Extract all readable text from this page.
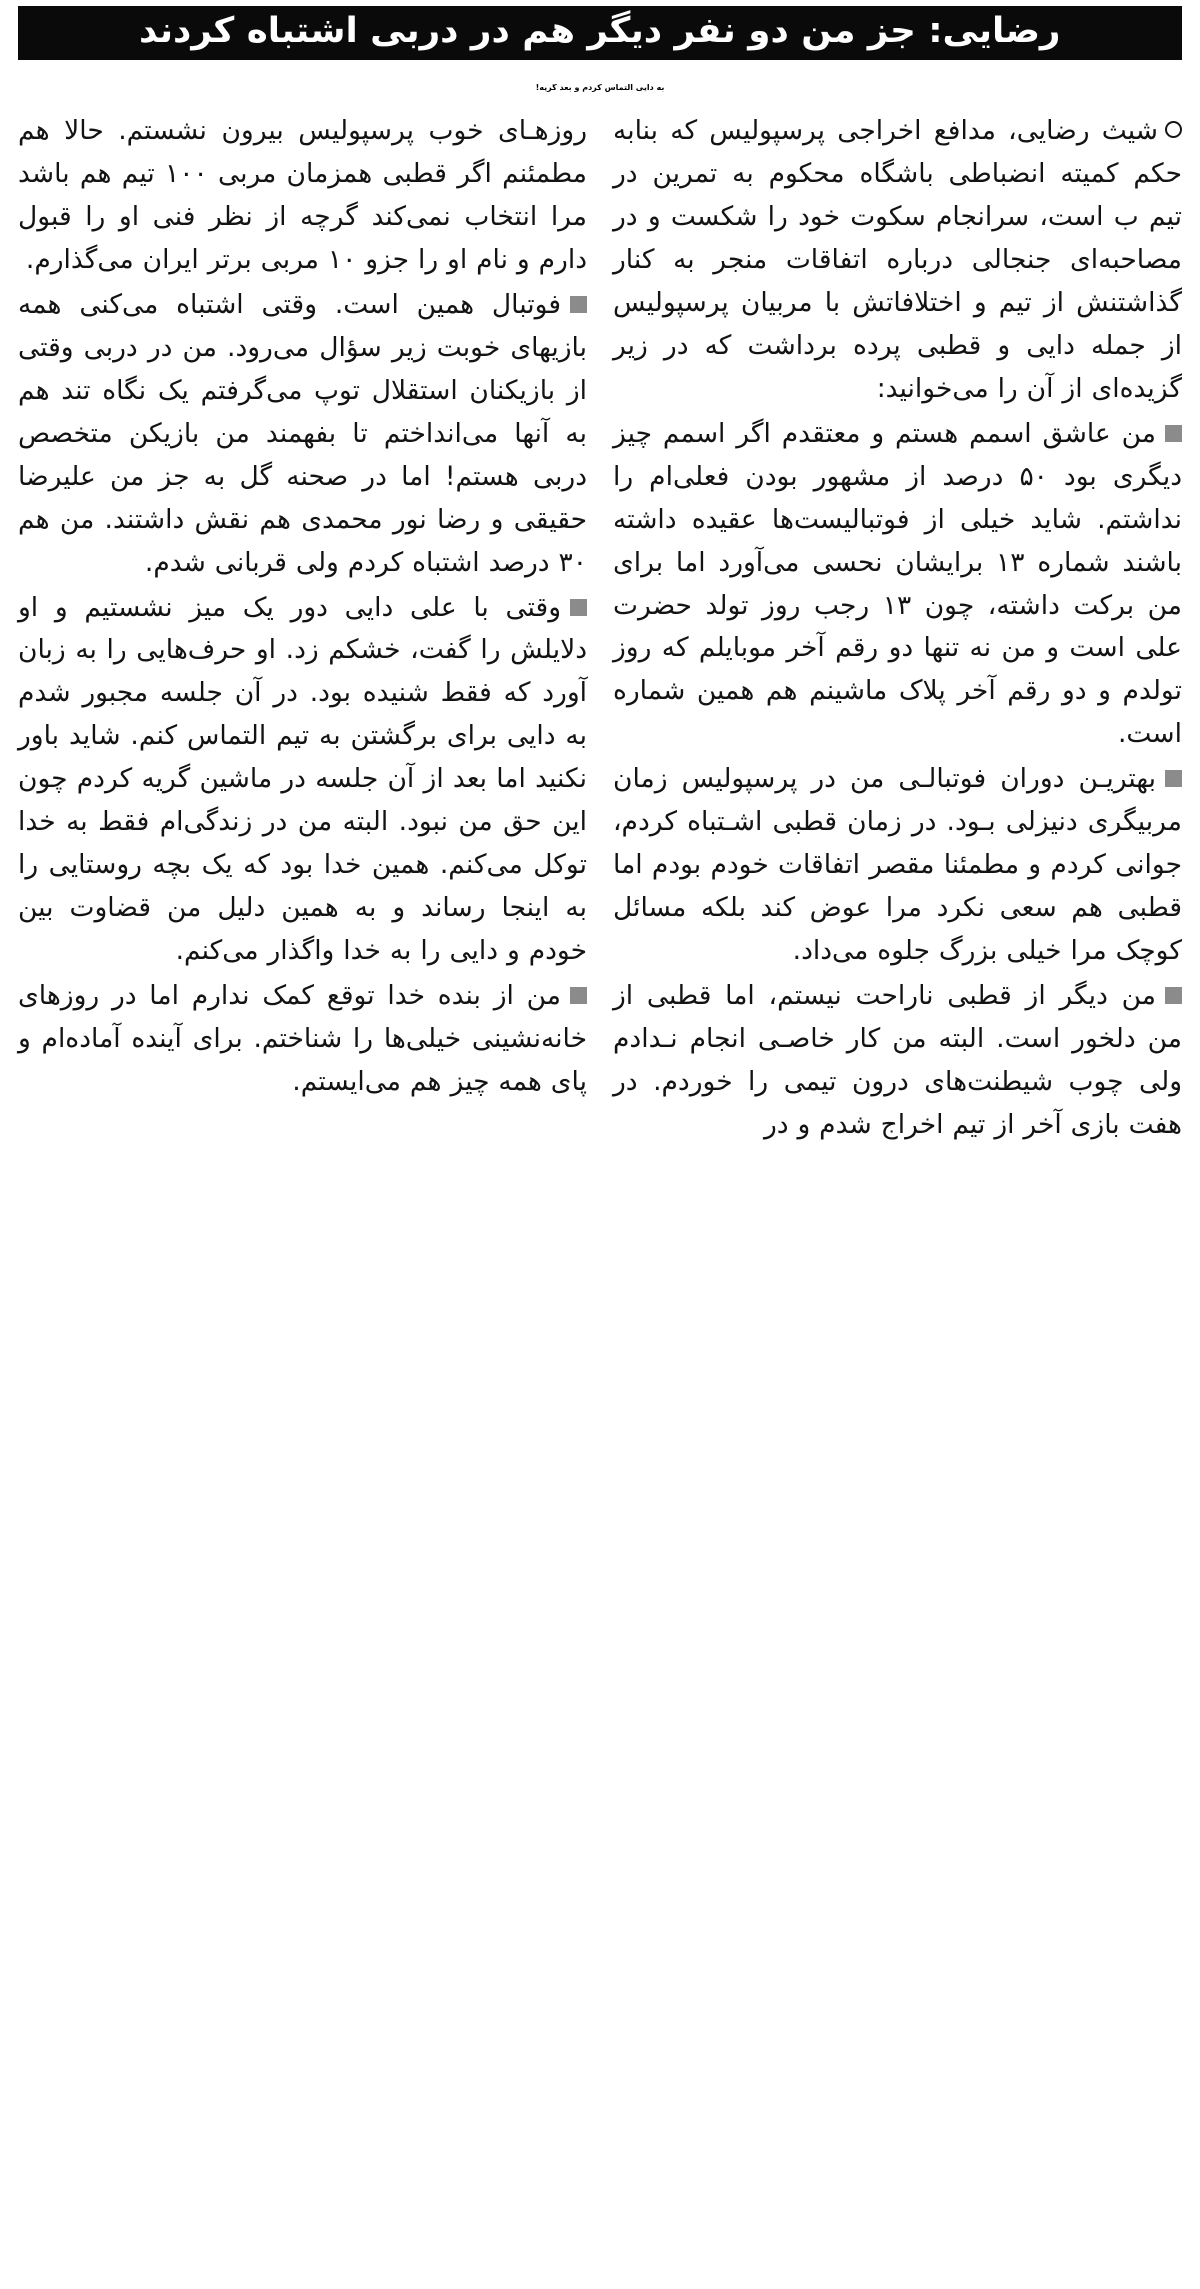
رضایی: جز من دو نفر دیگر هم در دربی اشتباه کردند
به دایی التماس کردم و بعد گریه!

شیث رضایی، مدافع اخراجی پرسپولیس که بنابه حکم کمیته انضباطی باشگاه محکوم به تمرین در تیم ب است، سرانجام سکوت خود را شکست و در مصاحبه‌ای جنجالی درباره اتفاقات منجر به کنار گذاشتنش از تیم و اختلافاتش با مربیان پرسپولیس از جمله دایی و قطبی پرده برداشت که در زیر گزیده‌ای از آن را می‌خوانید:

من عاشق اسمم هستم و معتقدم اگر اسمم چیز دیگری بود ۵۰ درصد از مشهور بودن فعلی‌ام را نداشتم. شاید خیلی از فوتبالیست‌ها عقیده داشته باشند شماره ۱۳ برایشان نحسی می‌آورد اما برای من برکت داشته، چون ۱۳ رجب روز تولد حضرت علی است و من نه تنها دو رقم آخر موبایلم که روز تولدم و دو رقم آخر پلاک ماشینم هم همین شماره است.

بهتریـن دوران فوتبالـی من در پرسپولیس زمان مربیگری دنیزلی بـود. در زمان قطبی اشـتباه کردم، جوانی کردم و مطمئنا مقصر اتفاقات خودم بودم اما قطبی هم سعی نکرد مرا عوض کند بلکه مسائل کوچک مرا خیلی بزرگ جلوه می‌داد.

من دیگر از قطبی ناراحت نیستم، اما قطبی از من دلخور است. البته من کار خاصـی انجام نـدادم ولی چوب شیطنت‌های درون تیمی را خوردم. در هفت بازی آخر از تیم اخراج شدم و در

روزهـای خوب پرسپولیس بیرون نشستم. حالا هم مطمئنم اگر قطبی همزمان مربی ۱۰۰ تیم هم باشد مرا انتخاب نمی‌کند گرچه از نظر فنی او را قبول دارم و نام او را جزو ۱۰ مربی برتر ایران می‌گذارم.

فوتبال همین است. وقتی اشتباه می‌کنی همه بازیهای خوبت زیر سؤال می‌رود. من در دربی وقتی از بازیکنان استقلال توپ می‌گرفتم یک نگاه تند هم به آنها می‌انداختم تا بفهمند من بازیکن متخصص دربی هستم! اما در صحنه گل به جز من علیرضا حقیقی و رضا نور محمدی هم نقش داشتند. من هم ۳۰ درصد اشتباه کردم ولی قربانی شدم.

وقتی با علی دایی دور یک میز نشستیم و او دلایلش را گفت، خشکم زد. او حرف‌هایی را به زبان آورد که فقط شنیده بود. در آن جلسه مجبور شدم به دایی برای برگشتن به تیم التماس کنم. شاید باور نکنید اما بعد از آن جلسه در ماشین گریه کردم چون این حق من نبود. البته من در زندگی‌ام فقط به خدا توکل می‌کنم. همین خدا بود که یک بچه روستایی را به اینجا رساند و به همین دلیل من قضاوت بین خودم و دایی را به خدا واگذار می‌کنم.

من از بنده خدا توقع کمک ندارم اما در روزهای خانه‌نشینی خیلی‌ها را شناختم. برای آینده آماده‌ام و پای همه چیز هم می‌ایستم.
